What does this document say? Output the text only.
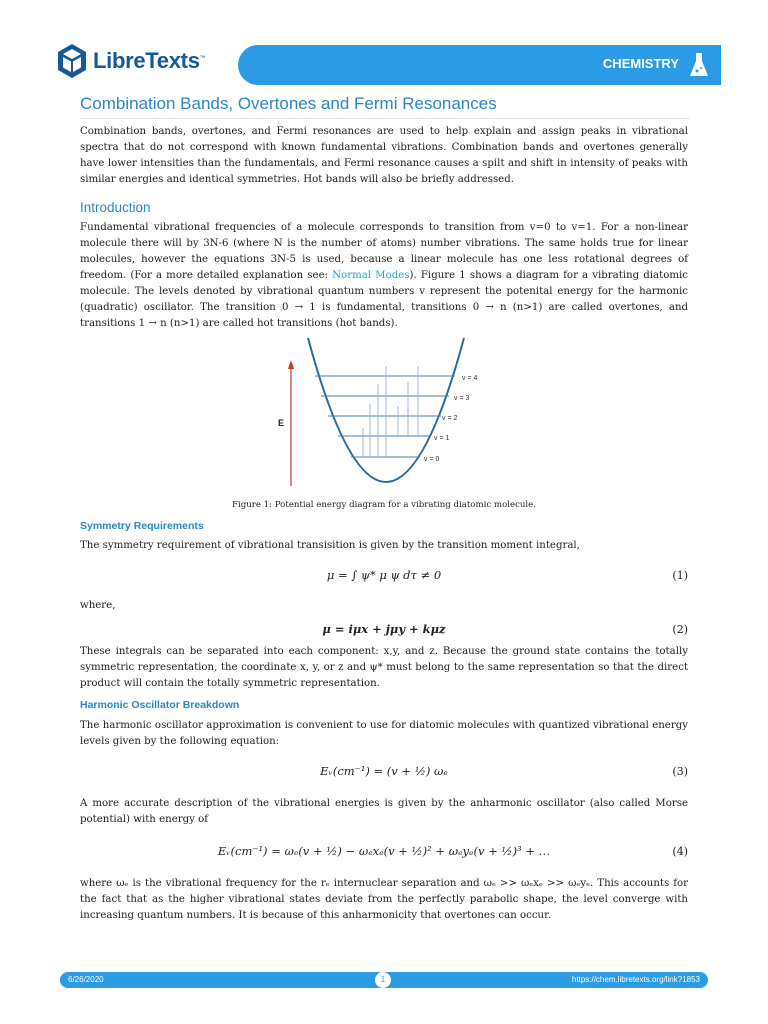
LibreTexts™	CHEMISTRY
Combination Bands, Overtones and Fermi Resonances
Combination bands, overtones, and Fermi resonances are used to help explain and assign peaks in vibrational spectra that do not correspond with known fundamental vibrations. Combination bands and overtones generally have lower intensities than the fundamentals, and Fermi resonance causes a spilt and shift in intensity of peaks with similar energies and identical symmetries. Hot bands will also be briefly addressed.
Introduction
Fundamental vibrational frequencies of a molecule corresponds to transition from v=0 to v=1. For a non-linear molecule there will by 3N-6 (where N is the number of atoms) number vibrations. The same holds true for linear molecules, however the equations 3N-5 is used, because a linear molecule has one less rotational degrees of freedom. (For a more detailed explanation see: Normal Modes). Figure 1 shows a diagram for a vibrating diatomic molecule. The levels denoted by vibrational quantum numbers v represent the potenital energy for the harmonic (quadratic) oscillator. The transition 0 → 1 is fundamental, transitions 0 → n (n>1) are called overtones, and transitions 1 → n (n>1) are called hot transitions (hot bands).
E
v = 0
v = 1
v = 2
v = 3
v = 4
Figure 1: Potential energy diagram for a vibrating diatomic molecule.
Symmetry Requirements
The symmetry requirement of vibrational transisition is given by the transition moment integral,
μ = ∫ ψ* μ ψ dτ ≠ 0	(1)
where,
μ = iμx + jμy + kμz	(2)
These integrals can be separated into each component: x,y, and z. Because the ground state contains the totally symmetric representation, the coordinate x, y, or z and ψ* must belong to the same representation so that the direct product will contain the totally symmetric representation.
Harmonic Oscillator Breakdown
The harmonic oscillator approximation is convenient to use for diatomic molecules with quantized vibrational energy levels given by the following equation:
Eᵥ(cm⁻¹) = (v + ½) ωₑ	(3)
A more accurate description of the vibrational energies is given by the anharmonic oscillator (also called Morse potential) with energy of
Eᵥ(cm⁻¹) = ωₑ(v + ½) − ωₑxₑ(v + ½)² + ωₑyₑ(v + ½)³ + …	(4)
where ωₑ is the vibrational frequency for the rₑ internuclear separation and ωₑ >> ωₑxₑ >> ωₑyₑ. This accounts for the fact that as the higher vibrational states deviate from the perfectly parabolic shape, the level converge with increasing quantum numbers. It is because of this anharmonicity that overtones can occur.
6/26/2020	1	https://chem.libretexts.org/link?1853
